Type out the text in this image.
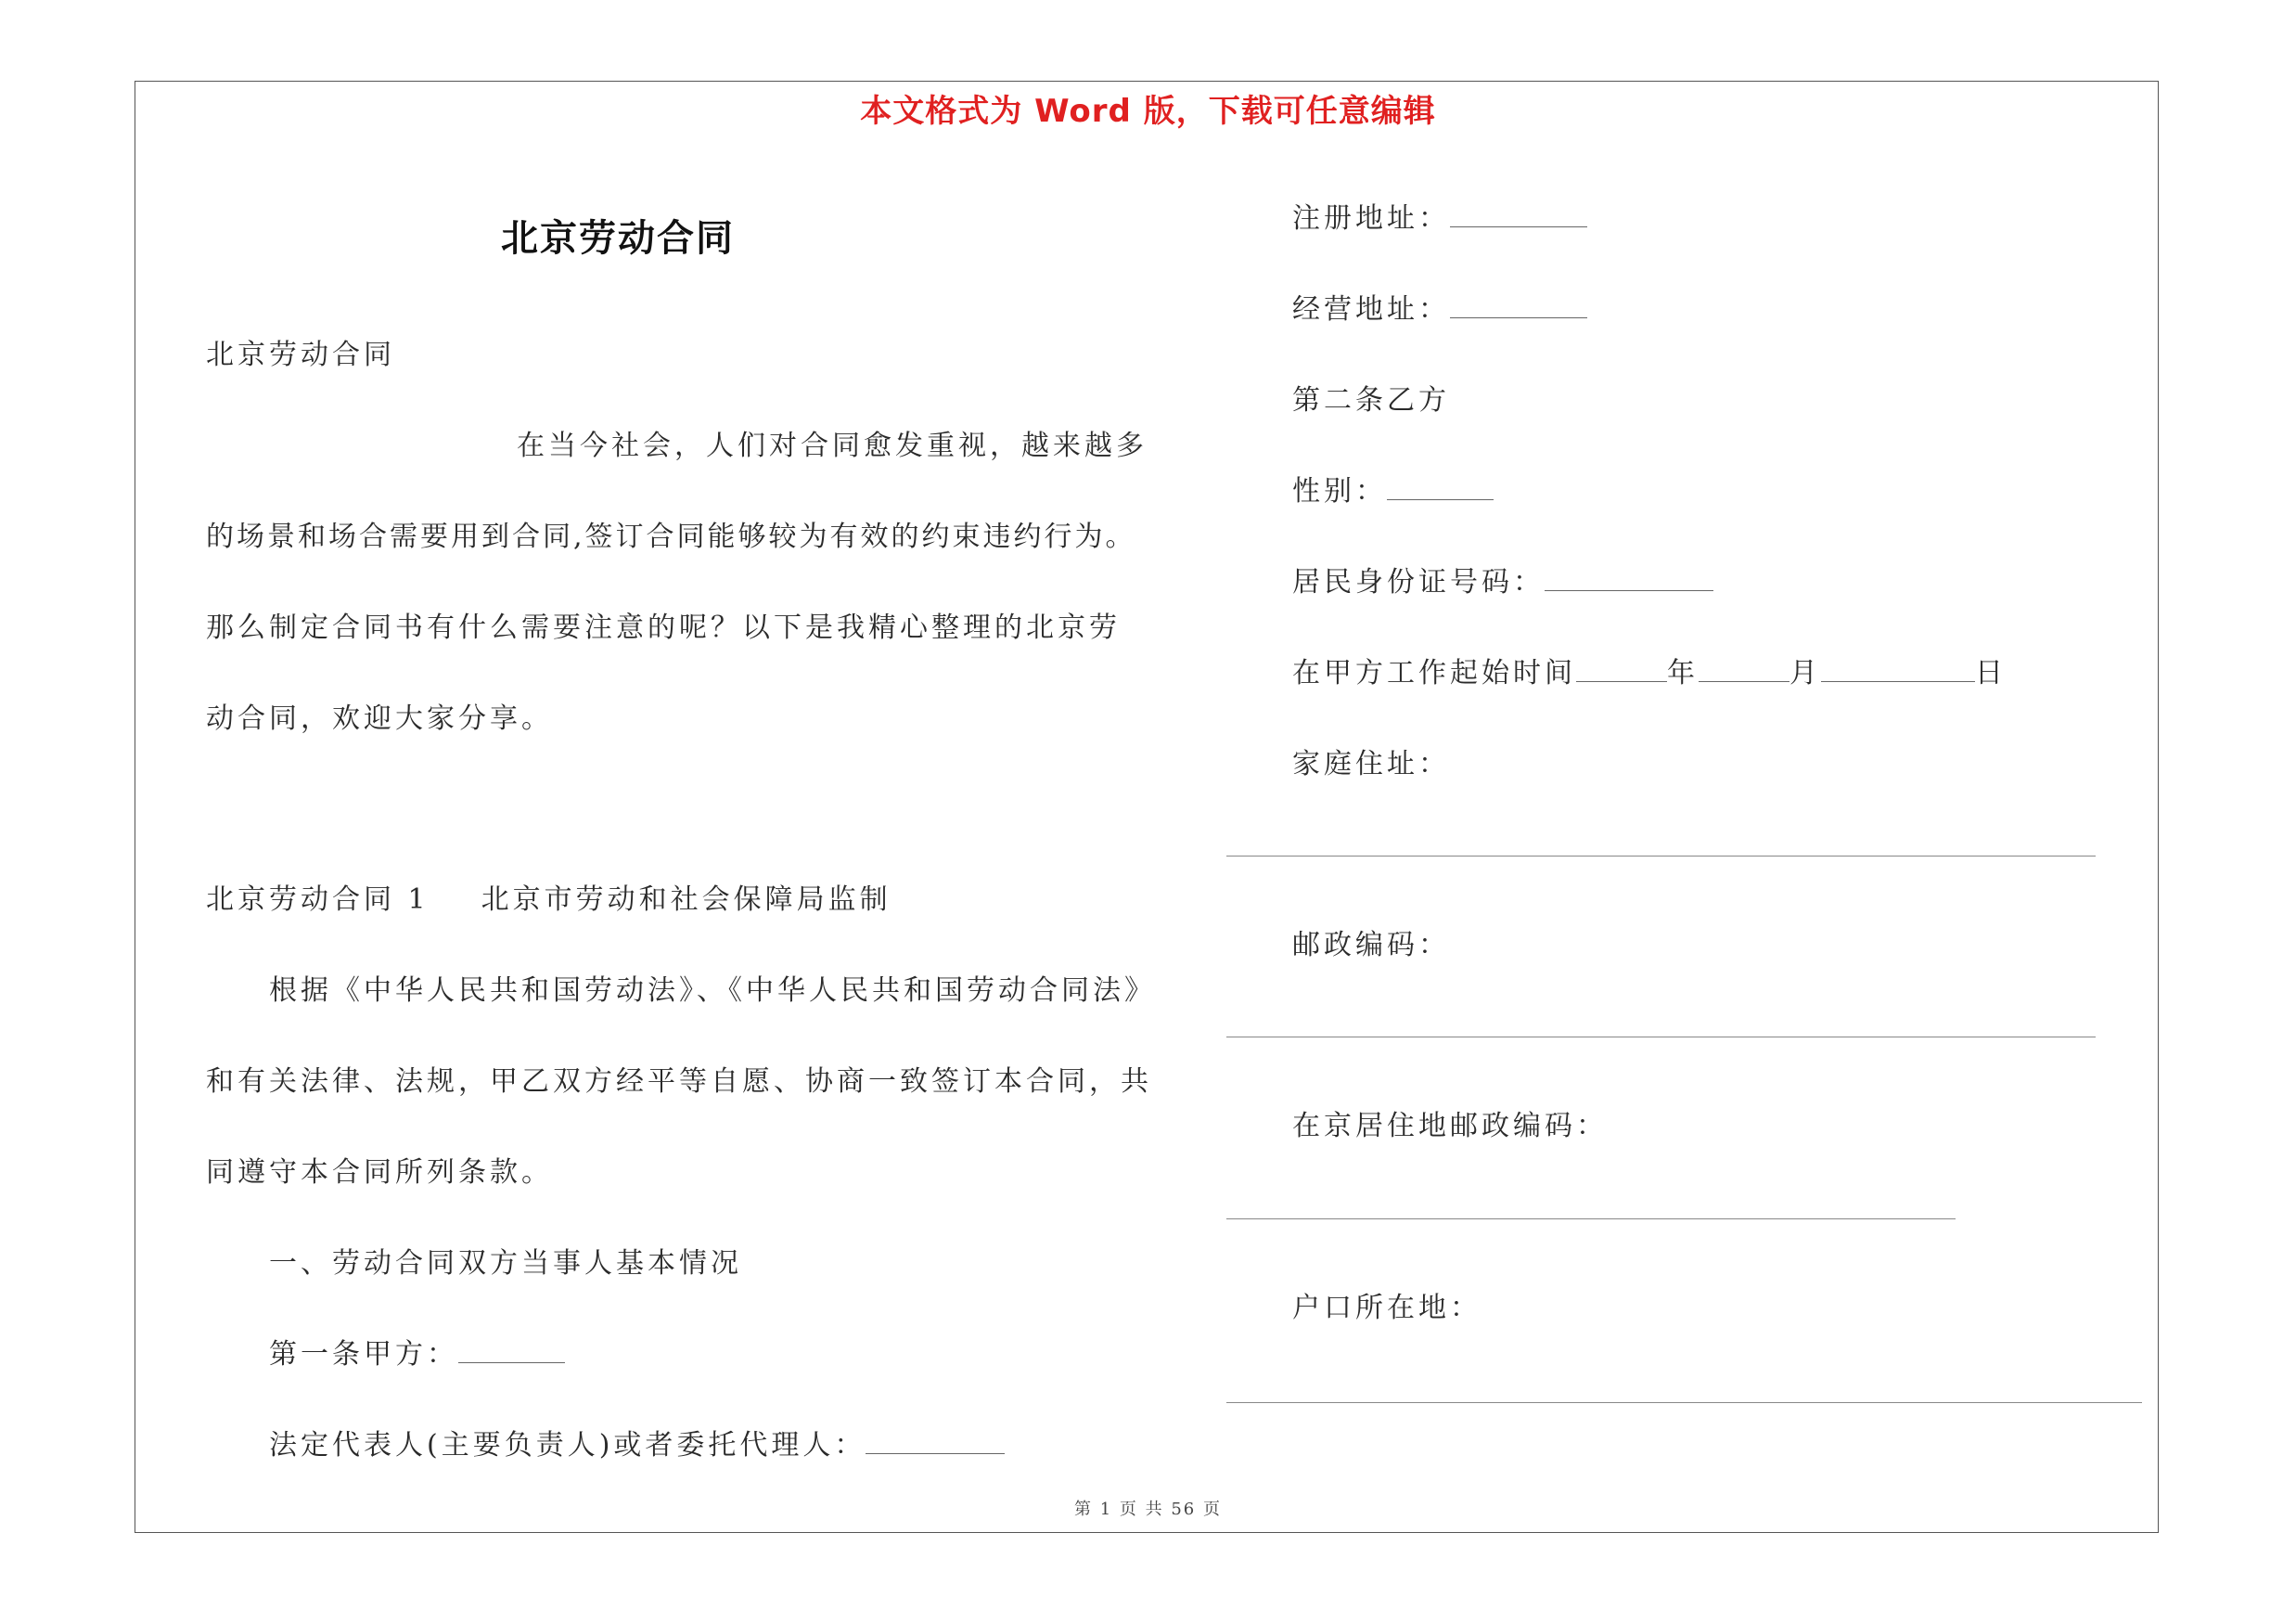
本文格式为 Word 版，下载可任意编辑
北京劳动合同
北京劳动合同
在当今社会，人们对合同愈发重视，越来越多
的场景和场合需要用到合同,签订合同能够较为有效的约束违约行为。
那么制定合同书有什么需要注意的呢？以下是我精心整理的北京劳
动合同，欢迎大家分享。
北京劳动合同 1 北京市劳动和社会保障局监制
根据《中华人民共和国劳动法》、《中华人民共和国劳动合同法》
和有关法律、法规，甲乙双方经平等自愿、协商一致签订本合同，共
同遵守本合同所列条款。
一、劳动合同双方当事人基本情况
第一条甲方：
法定代表人(主要负责人)或者委托代理人：
注册地址：
经营地址：
第二条乙方
性别：
居民身份证号码：
在甲方工作起始时间	年	月	日
家庭住址：
邮政编码：
在京居住地邮政编码：
户口所在地：
第 1 页 共 56 页
